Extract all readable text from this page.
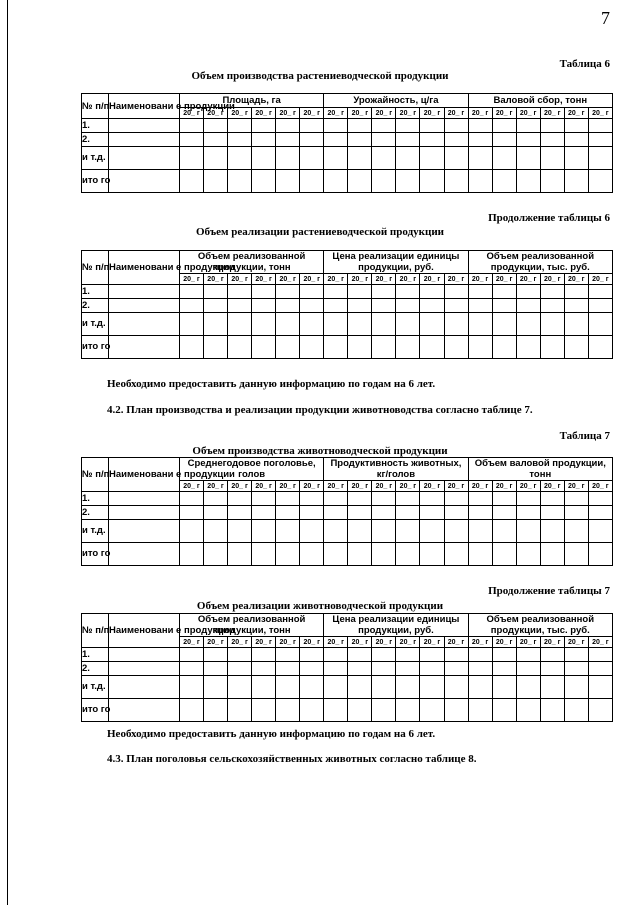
7
Таблица 6
Объем производства растениеводческой продукции
№ п/п	Наименовани е продукции	Площадь, га						Урожайность, ц/га						Валовой сбор, тонн					
		20_ г	20_ г	20_ г	20_ г	20_ г	20_ г	20_ г	20_ г	20_ г	20_ г	20_ г	20_ г	20_ г	20_ г	20_ г	20_ г	20_ г	20_ г
1.																			
2.																			
и т.д.																			
ито го																			
Продолжение таблицы 6
Объем реализации растениеводческой продукции
№ п/п	Наименовани е продукции	Объем реализованной продукции, тонн						Цена реализации единицы продукции, руб.						Объем реализованной продукции, тыс. руб.					
		20_ г	20_ г	20_ г	20_ г	20_ г	20_ г	20_ г	20_ г	20_ г	20_ г	20_ г	20_ г	20_ г	20_ г	20_ г	20_ г	20_ г	20_ г
1.																			
2.																			
и т.д.																			
ито го																			
Необходимо предоставить данную информацию по годам на 6 лет.
4.2. План производства и реализации продукции животноводства согласно таблице 7.
Таблица 7
Объем производства животноводческой продукции
№ п/п	Наименовани е продукции	Среднегодовое поголовье, голов						Продуктивность животных, кг/голов						Объем валовой продукции, тонн					
		20_ г	20_ г	20_ г	20_ г	20_ г	20_ г	20_ г	20_ г	20_ г	20_ г	20_ г	20_ г	20_ г	20_ г	20_ г	20_ г	20_ г	20_ г
1.																			
2.																			
и т.д.																			
ито го																			
Продолжение таблицы 7
Объем реализации животноводческой продукции
№ п/п	Наименовани е продукции	Объем реализованной продукции, тонн						Цена реализации единицы продукции, руб.						Объем реализованной продукции, тыс. руб.					
		20_ г	20_ г	20_ г	20_ г	20_ г	20_ г	20_ г	20_ г	20_ г	20_ г	20_ г	20_ г	20_ г	20_ г	20_ г	20_ г	20_ г	20_ г
1.																			
2.																			
и т.д.																			
ито го																			
Необходимо предоставить данную информацию по годам на 6 лет.
4.3. План поголовья сельскохозяйственных животных согласно таблице 8.
